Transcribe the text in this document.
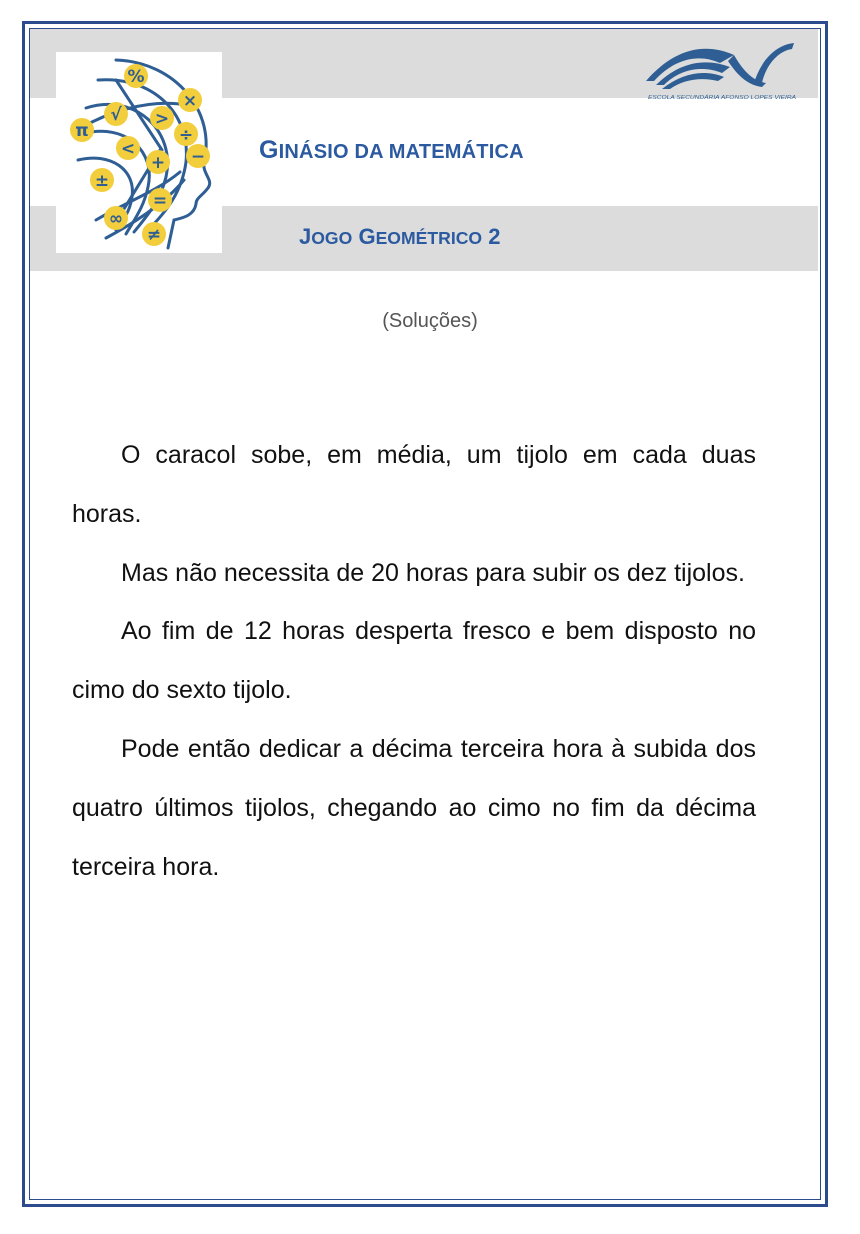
%
×
√ >
÷
π
<
+ −
±
=
∞
≠
ESCOLA SECUNDÁRIA AFONSO LOPES VIEIRA
GINÁSIO DA MATEMÁTICA
JOGO GEOMÉTRICO 2
(Soluções)

O caracol sobe, em média, um tijolo em cada duas horas.

Mas não necessita de 20 horas para subir os dez tijolos.

Ao fim de 12 horas desperta fresco e bem disposto no cimo do sexto tijolo.

Pode então dedicar a décima terceira hora à subida dos quatro últimos tijolos, chegando ao cimo no fim da décima terceira hora.
